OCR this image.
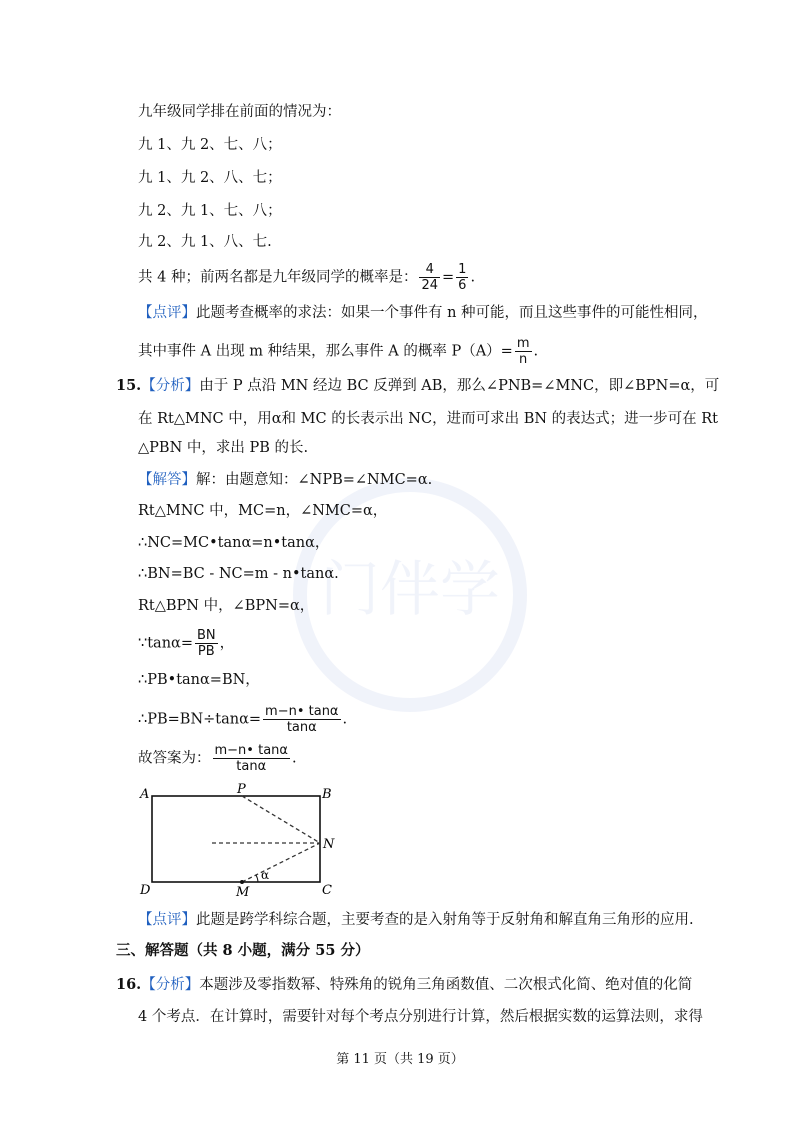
门伴学
九年级同学排在前面的情况为：
九 1、九 2、七、八；
九 1、九 2、八、七；
九 2、九 1、七、八；
九 2、九 1、八、七.
共 4 种；前两名都是九年级同学的概率是： $\frac{4}{24} = \frac{1}{6}$ .
【点评】此题考查概率的求法：如果一个事件有 n 种可能，而且这些事件的可能性相同，
其中事件 A 出现 m 种结果，那么事件 A 的概率 $P(A)= \frac{m}{n}$ .
15.【分析】由于 P 点沿 MN 经边 BC 反弹到 AB，那么∠PNB=∠MNC，即∠BPN=α，可
在 Rt△MNC 中，用α和 MC 的长表示出 NC，进而可求出 BN 的表达式；进一步可在 Rt
△PBN 中，求出 PB 的长.
【解答】解：由题意知：∠NPB=∠NMC=α.
Rt△MNC 中，MC=n，∠NMC=α，
∴NC=MC•tanα=n•tanα，
∴BN=BC - NC=m - n•tanα.
Rt△BPN 中，∠BPN=α，
∵tanα= $\frac{BN}{PB}$ ，
∴PB•tanα=BN，
∴PB=BN÷tanα= $\frac{m-n• \tan\alpha}{\tan\alpha}$ .
故答案为： $\frac{m-n• \tan\alpha}{\tan\alpha}$ .
A	B
C
D
P
N
M
α
【点评】此题是跨学科综合题，主要考查的是入射角等于反射角和解直角三角形的应用.
三、解答题（共 8 小题，满分 55 分）
16.【分析】本题涉及零指数幂、特殊角的锐角三角函数值、二次根式化简、绝对值的化简
4 个考点．在计算时，需要针对每个考点分别进行计算，然后根据实数的运算法则，求得
第 11 页（共 19 页）
